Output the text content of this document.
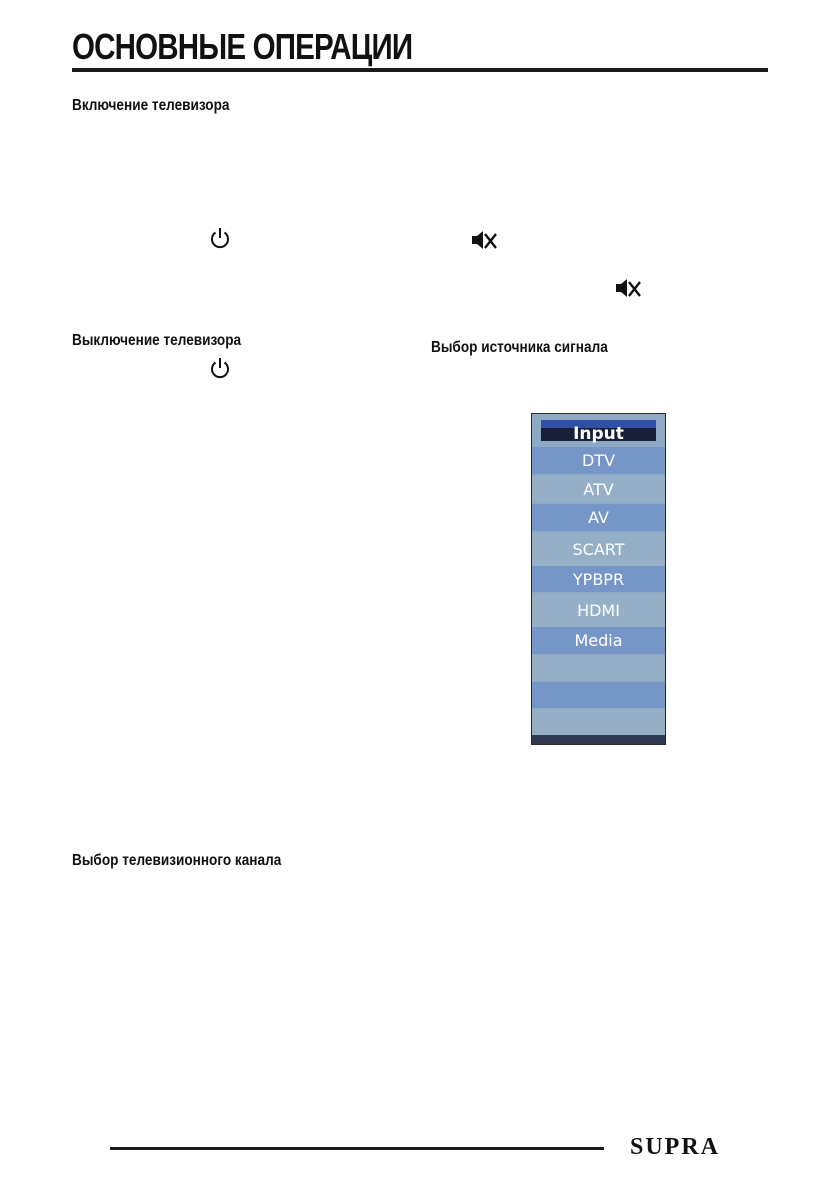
ОСНОВНЫЕ ОПЕРАЦИИ
Включение телевизора
Выключение телевизора	Выбор источника сигнала
Input
DTV
ATV
AV
SCART
YPBPR
HDMI
Media
Выбор телевизионного канала
SUPRA
